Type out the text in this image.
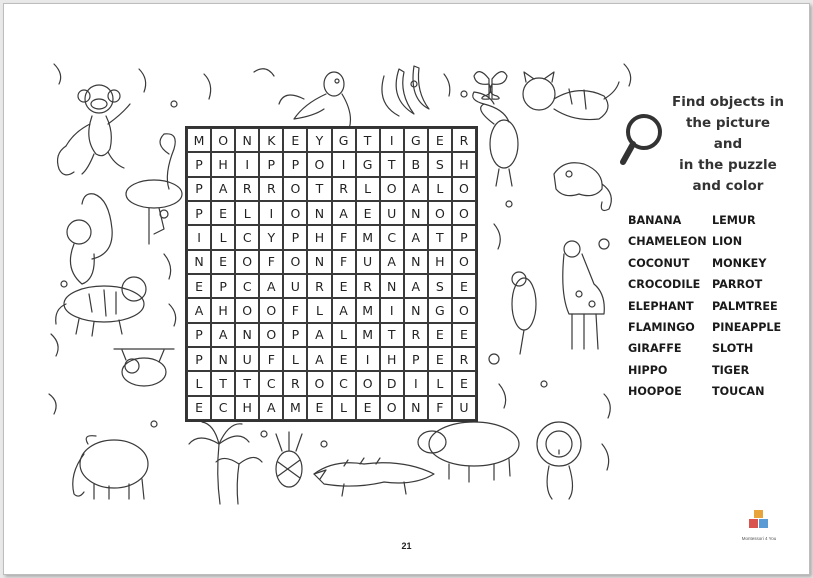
M	O	N	K	E	Y	G	T	I	G	E	R
P	H	I	P	P	O	I	G	T	B	S	H
P	A	R	R	O	T	R	L	O	A	L	O
P	E	L	I	O	N	A	E	U	N	O	O
I	L	C	Y	P	H	F	M	C	A	T	P
N	E	O	F	O	N	F	U	A	N	H	O
E	P	C	A	U	R	E	R	N	A	S	E
A	H	O	O	F	L	A	M	I	N	G	O
P	A	N	O	P	A	L	M	T	R	E	E
P	N	U	F	L	A	E	I	H	P	E	R
L	T	T	C	R	O	C	O	D	I	L	E
E	C	H	A	M	E	L	E	O	N	F	U
Find objects in
the picture
and
in the puzzle
and color
BANANA
CHAMELEON
COCONUT
CROCODILE
ELEPHANT
FLAMINGO
GIRAFFE
HIPPO
HOOPOE
LEMUR
LION
MONKEY
PARROT
PALMTREE
PINEAPPLE
SLOTH
TIGER
TOUCAN
Montessori 4 You
21
